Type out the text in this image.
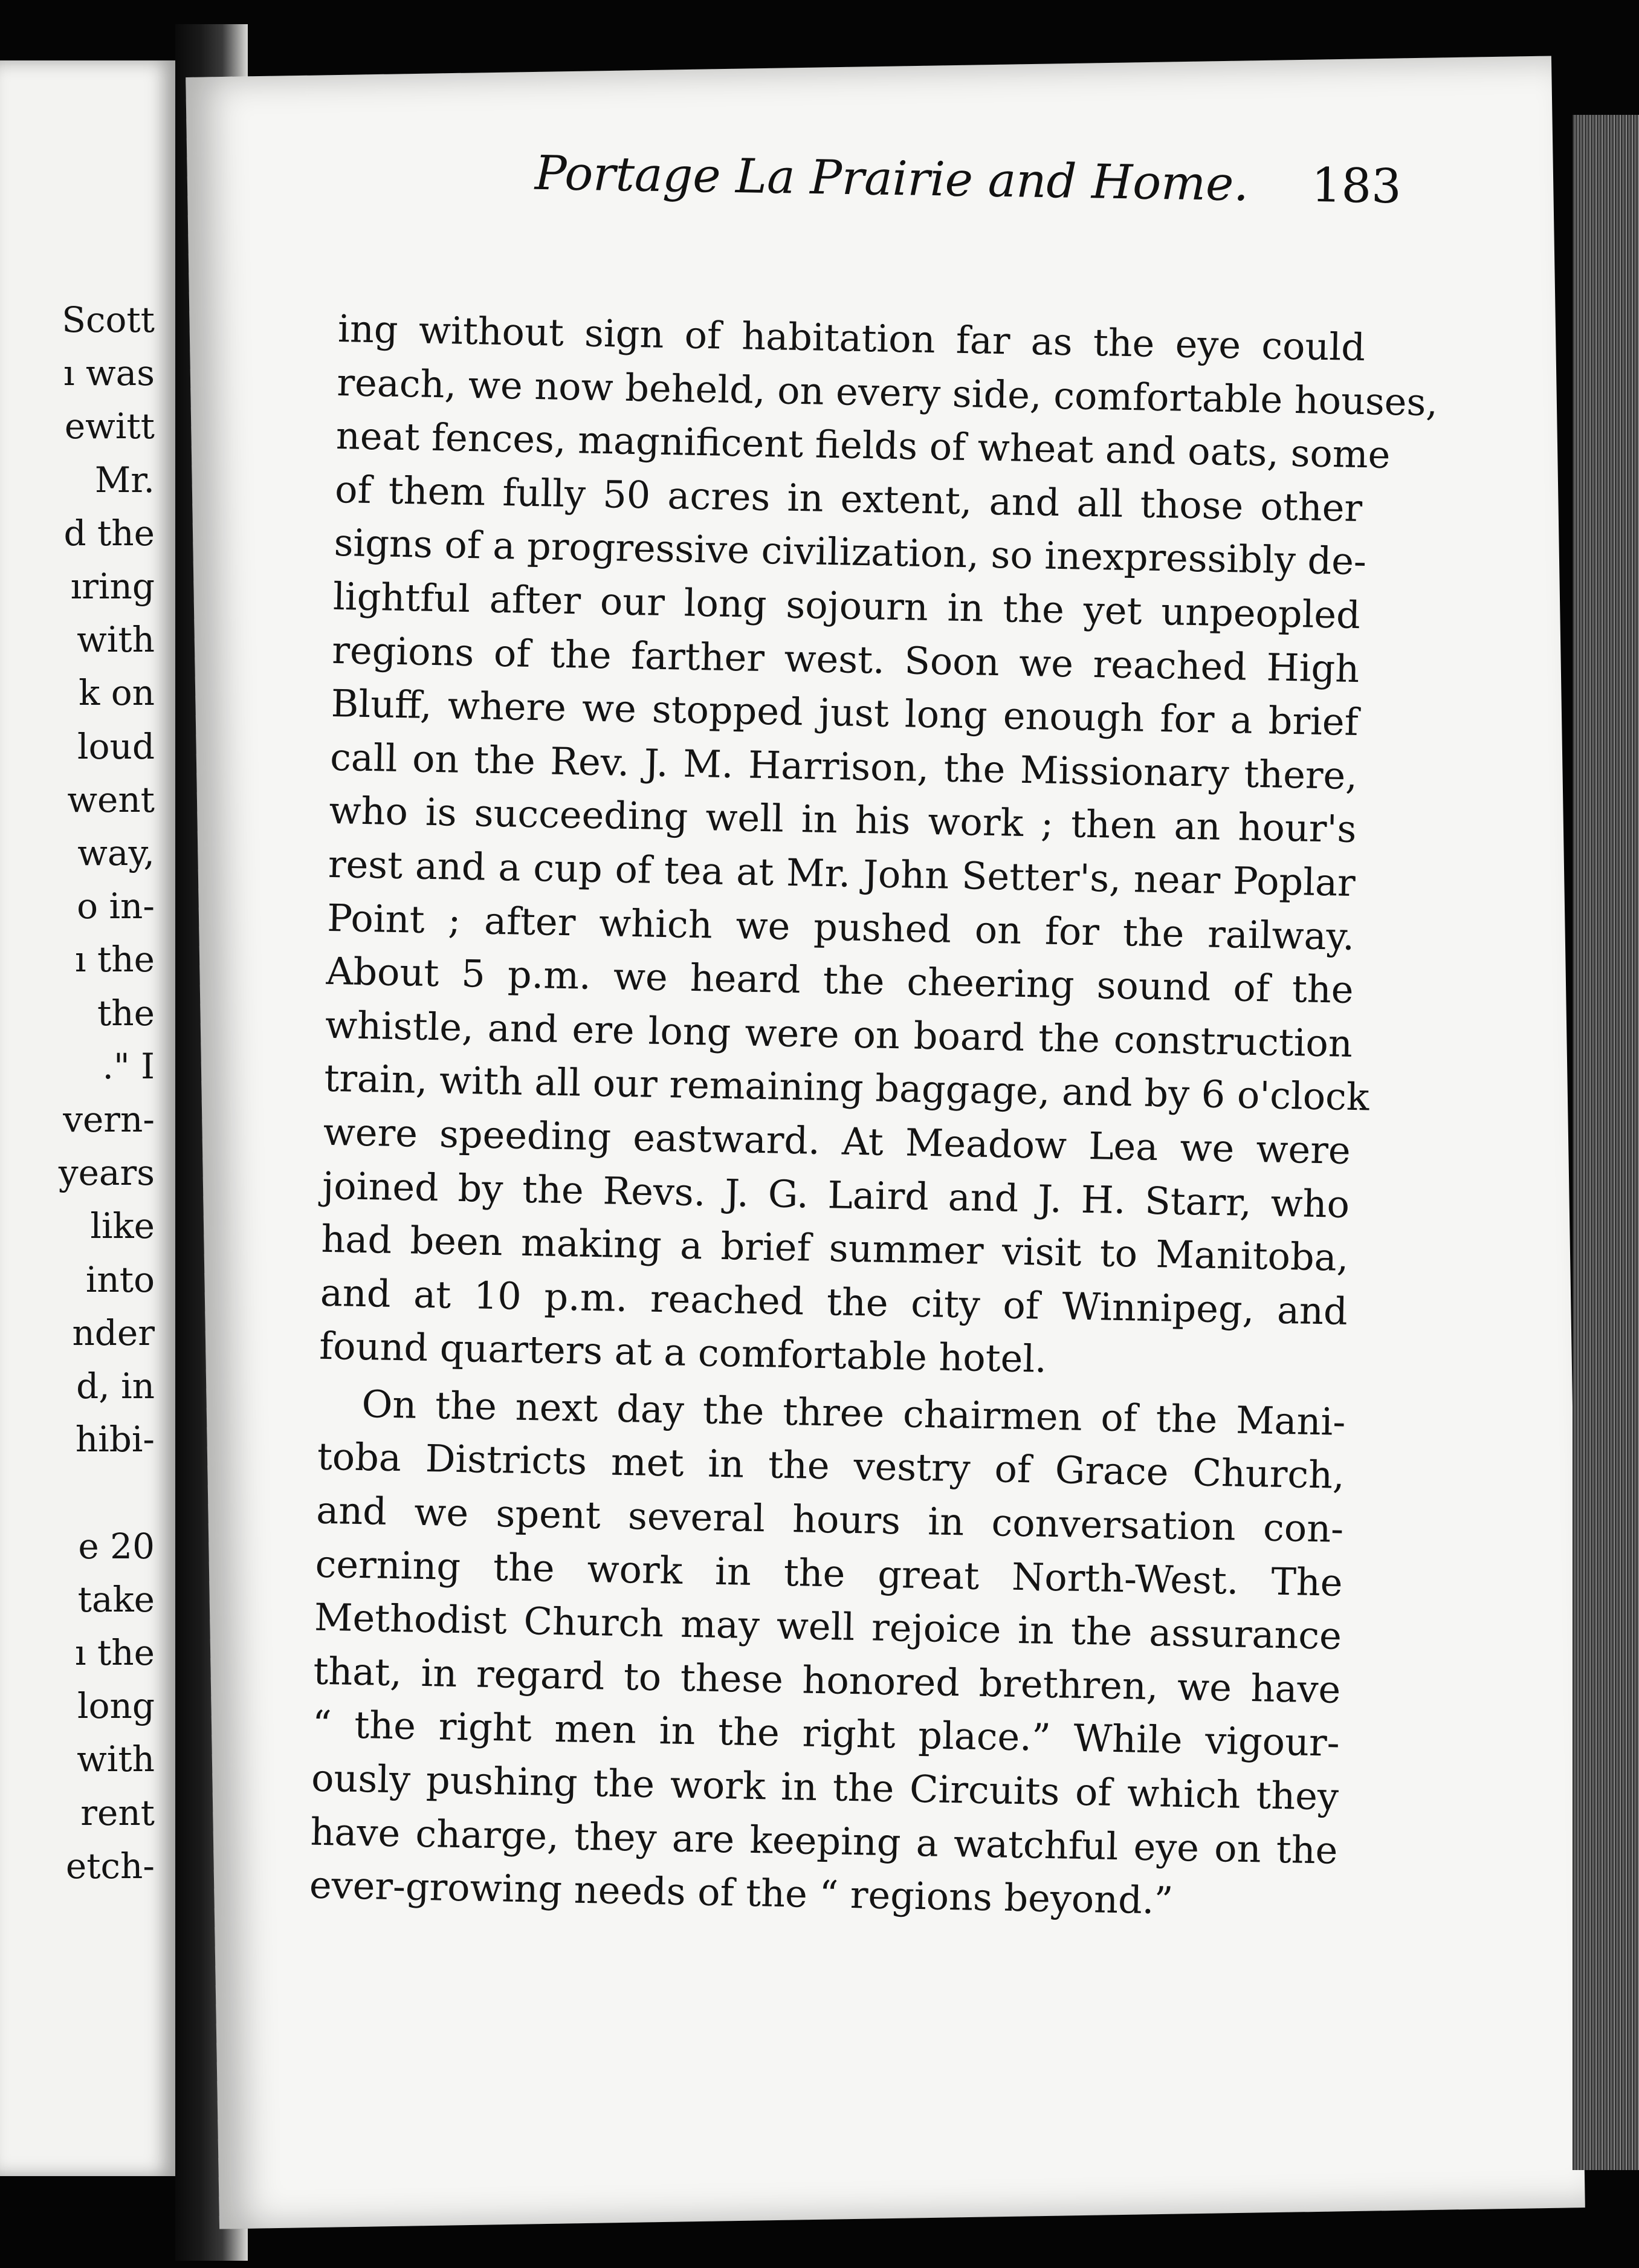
Scott
ı was
ewitt
Mr.
d the
ıring
with
k on
loud
went
way,
o in-
ı the
the
." I
vern-
years
like
into
nder
d, in
hibi-
e 20
take
ı the
long
with
rent
etch-
Portage La Prairie and Home. 183
ing without sign of habitation far as the eye could
reach, we now beheld, on every side, comfortable houses,
neat fences, magnificent fields of wheat and oats, some
of them fully 50 acres in extent, and all those other
signs of a progressive civilization, so inexpressibly de-
lightful after our long sojourn in the yet unpeopled
regions of the farther west. Soon we reached High
Bluff, where we stopped just long enough for a brief
call on the Rev. J. M. Harrison, the Missionary there,
who is succeeding well in his work ; then an hour's
rest and a cup of tea at Mr. John Setter's, near Poplar
Point ; after which we pushed on for the railway.
About 5 p.m. we heard the cheering sound of the
whistle, and ere long were on board the construction
train, with all our remaining baggage, and by 6 o'clock
were speeding eastward. At Meadow Lea we were
joined by the Revs. J. G. Laird and J. H. Starr, who
had been making a brief summer visit to Manitoba,
and at 10 p.m. reached the city of Winnipeg, and
found quarters at a comfortable hotel.
On the next day the three chairmen of the Mani-
toba Districts met in the vestry of Grace Church,
and we spent several hours in conversation con-
cerning the work in the great North-West. The
Methodist Church may well rejoice in the assurance
that, in regard to these honored brethren, we have
“ the right men in the right place.” While vigour-
ously pushing the work in the Circuits of which they
have charge, they are keeping a watchful eye on the
ever-growing needs of the “ regions beyond.”
